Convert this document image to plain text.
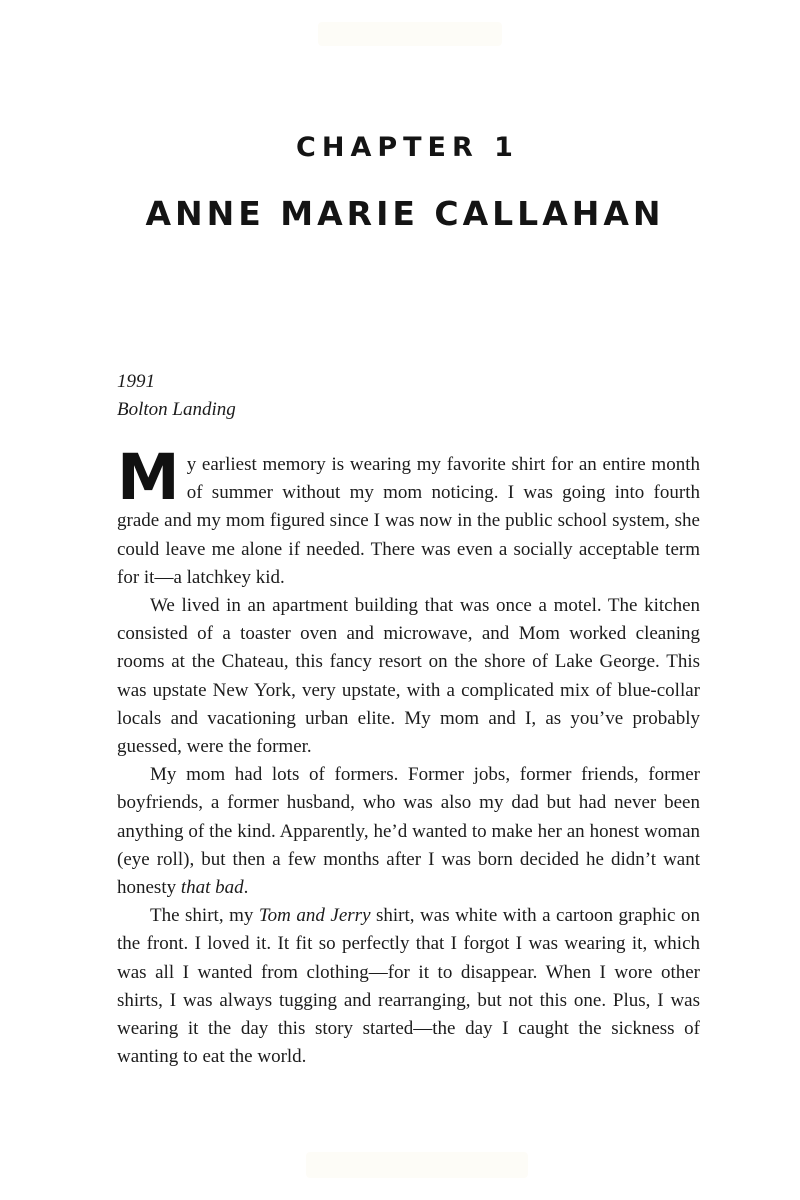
CHAPTER 1
ANNE MARIE CALLAHAN
1991
Bolton Landing

My earliest memory is wearing my favorite shirt for an entire month of summer without my mom noticing. I was going into fourth grade and my mom figured since I was now in the public school system, she could leave me alone if needed. There was even a socially acceptable term for it—a latchkey kid.

We lived in an apartment building that was once a motel. The kitchen consisted of a toaster oven and microwave, and Mom worked cleaning rooms at the Chateau, this fancy resort on the shore of Lake George. This was upstate New York, very upstate, with a complicated mix of blue-collar locals and vacationing urban elite. My mom and I, as you’ve probably guessed, were the former.

My mom had lots of formers. Former jobs, former friends, former boyfriends, a former husband, who was also my dad but had never been anything of the kind. Apparently, he’d wanted to make her an honest woman (eye roll), but then a few months after I was born decided he didn’t want honesty that bad.

The shirt, my Tom and Jerry shirt, was white with a cartoon graphic on the front. I loved it. It fit so perfectly that I forgot I was wearing it, which was all I wanted from clothing—for it to disappear. When I wore other shirts, I was always tugging and rearranging, but not this one. Plus, I was wearing it the day this story started—the day I caught the sickness of wanting to eat the world.
